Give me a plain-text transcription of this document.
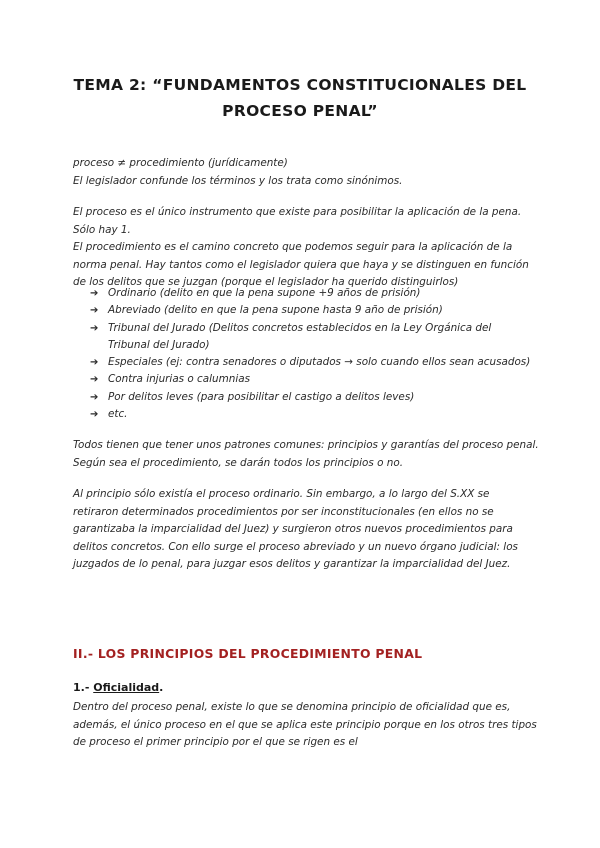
TEMA 2: “FUNDAMENTOS CONSTITUCIONALES DEL
PROCESO PENAL”
proceso ≠ procedimiento (jurídicamente)
El legislador confunde los términos y los trata como sinónimos.
El proceso es el único instrumento que existe para posibilitar la aplicación de la pena.
Sólo hay 1.
El procedimiento es el camino concreto que podemos seguir para la aplicación de la
norma penal. Hay tantos como el legislador quiera que haya y se distinguen en función
de los delitos que se juzgan (porque el legislador ha querido distinguirlos)
➔ Ordinario (delito en que la pena supone +9 años de prisión)
➔ Abreviado (delito en que la pena supone hasta 9 año de prisión)
➔ Tribunal del Jurado (Delitos concretos establecidos en la Ley Orgánica del
Tribunal del Jurado)
➔ Especiales (ej: contra senadores o diputados → solo cuando ellos sean acusados)
➔ Contra injurias o calumnias
➔ Por delitos leves (para posibilitar el castigo a delitos leves)
➔ etc.
Todos tienen que tener unos patrones comunes: principios y garantías del proceso penal.
Según sea el procedimiento, se darán todos los principios o no.
Al principio sólo existía el proceso ordinario. Sin embargo, a lo largo del S.XX se
retiraron determinados procedimientos por ser inconstitucionales (en ellos no se
garantizaba la imparcialidad del Juez) y surgieron otros nuevos procedimientos para
delitos concretos. Con ello surge el proceso abreviado y un nuevo órgano judicial: los
juzgados de lo penal, para juzgar esos delitos y garantizar la imparcialidad del Juez.
II.- LOS PRINCIPIOS DEL PROCEDIMIENTO PENAL
1.- Oficialidad.
Dentro del proceso penal, existe lo que se denomina principio de oficialidad que es,
además, el único proceso en el que se aplica este principio porque en los otros tres tipos
de proceso el primer principio por el que se rigen es el
